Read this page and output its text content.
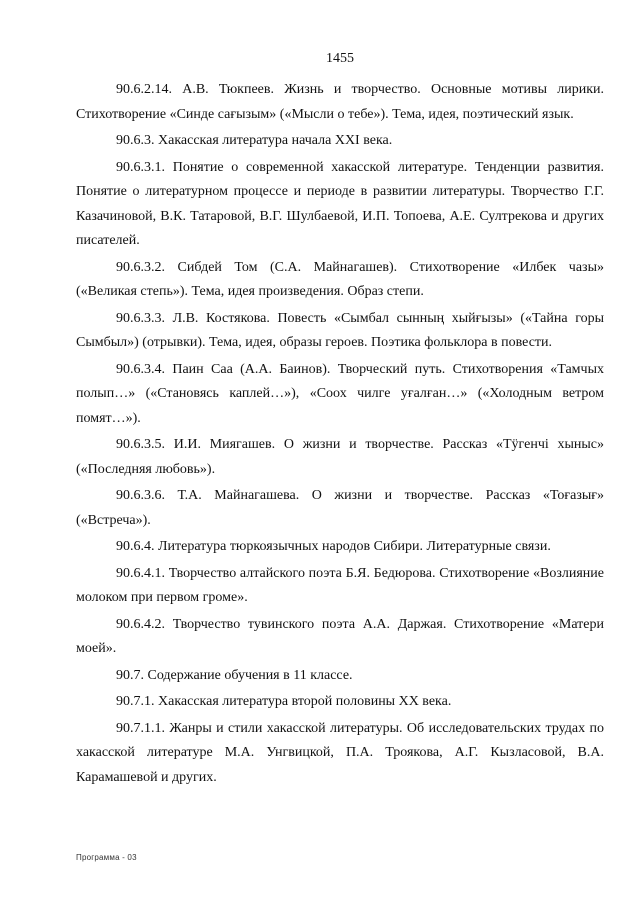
1455

90.6.2.14. А.В. Тюкпеев. Жизнь и творчество. Основные мотивы лирики. Стихотворение «Синде сағызым» («Мысли о тебе»). Тема, идея, поэтический язык.

90.6.3. Хакасская литература начала XXI века.

90.6.3.1. Понятие о современной хакасской литературе. Тенденции развития. Понятие о литературном процессе и периоде в развитии литературы. Творчество Г.Г. Казачиновой, В.К. Татаровой, В.Г. Шулбаевой, И.П. Топоева, А.Е. Султрекова и других писателей.

90.6.3.2. Сибдей Том (С.А. Майнагашев). Стихотворение «Илбек чазы» («Великая степь»). Тема, идея произведения. Образ степи.

90.6.3.3. Л.В. Костякова. Повесть «Сымбал сынның хыйғызы» («Тайна горы Сымбыл») (отрывки). Тема, идея, образы героев. Поэтика фольклора в повести.

90.6.3.4. Паин Саа (А.А. Баинов). Творческий путь. Стихотворения «Тамчых полып…» («Становясь каплей…»), «Соох чилге уғалған…» («Холодным ветром помят…»).

90.6.3.5. И.И. Миягашев. О жизни и творчестве. Рассказ «Тӱгенчі хыныс» («Последняя любовь»).

90.6.3.6. Т.А. Майнагашева. О жизни и творчестве. Рассказ «Тоғазығ» («Встреча»).

90.6.4. Литература тюркоязычных народов Сибири. Литературные связи.

90.6.4.1. Творчество алтайского поэта Б.Я. Бедюрова. Стихотворение «Возлияние молоком при первом громе».

90.6.4.2. Творчество тувинского поэта А.А. Даржая. Стихотворение «Матери моей».

90.7. Содержание обучения в 11 классе.

90.7.1. Хакасская литература второй половины XX века.

90.7.1.1. Жанры и стили хакасской литературы. Об исследовательских трудах по хакасской литературе М.А. Унгвицкой, П.А. Троякова, А.Г. Кызласовой, В.А. Карамашевой и других.

Программа - 03
